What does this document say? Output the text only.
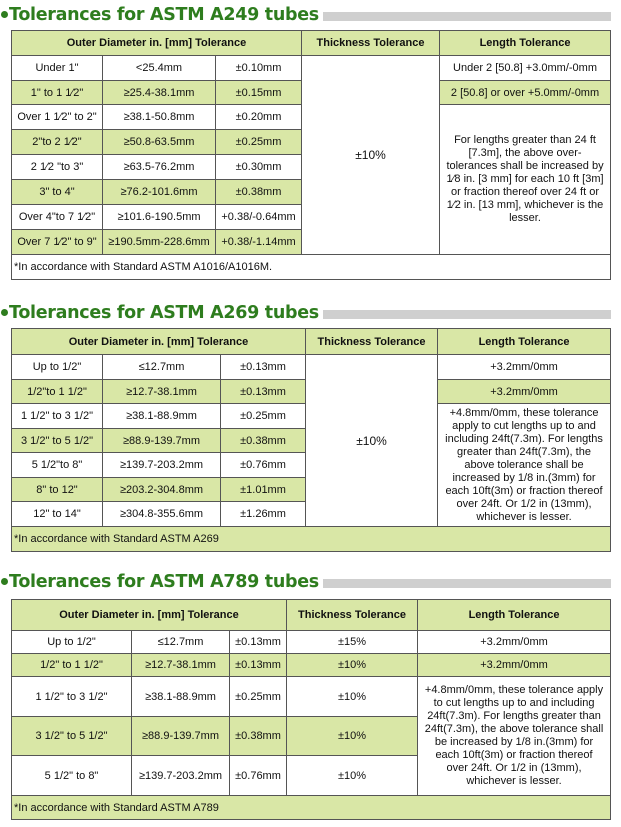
Tolerances for ASTM A249 tubes
Outer Diameter in. [mm] Tolerance			Thickness Tolerance	Length Tolerance
Under 1"	<25.4mm	±0.10mm	±10%	Under 2 [50.8] +3.0mm/-0mm
1" to 1 1⁄2"	≥25.4-38.1mm	±0.15mm		2 [50.8] or over +5.0mm/-0mm
Over 1 1⁄2" to 2"	≥38.1-50.8mm	±0.20mm		For lengths greater than 24 ft [7.3m], the above over-tolerances shall be increased by 1⁄8 in. [3 mm] for each 10 ft [3m] or fraction thereof over 24 ft or 1⁄2 in. [13 mm], whichever is the lesser.
2"to 2 1⁄2"	≥50.8-63.5mm	±0.25mm		
2 1⁄2 "to 3"	≥63.5-76.2mm	±0.30mm		
3" to 4"	≥76.2-101.6mm	±0.38mm		
Over 4"to 7 1⁄2"	≥101.6-190.5mm	+0.38/-0.64mm		
Over 7 1⁄2" to 9"	≥190.5mm-228.6mm	+0.38/-1.14mm		
*In accordance with Standard ASTM A1016/A1016M.				
Tolerances for ASTM A269 tubes
Outer Diameter in. [mm] Tolerance			Thickness Tolerance	Length Tolerance
Up to 1/2"	≤12.7mm	±0.13mm	±10%	+3.2mm/0mm
1/2"to 1 1/2"	≥12.7-38.1mm	±0.13mm		+3.2mm/0mm
1 1/2" to 3 1/2"	≥38.1-88.9mm	±0.25mm		+4.8mm/0mm, these tolerance apply to cut lengths up to and including 24ft(7.3m). For lengths greater than 24ft(7.3m), the above tolerance shall be increased by 1/8 in.(3mm) for each 10ft(3m) or fraction thereof over 24ft. Or 1/2 in (13mm), whichever is lesser.
3 1/2" to 5 1/2"	≥88.9-139.7mm	±0.38mm		
5 1/2"to 8"	≥139.7-203.2mm	±0.76mm		
8" to 12"	≥203.2-304.8mm	±1.01mm		
12" to 14"	≥304.8-355.6mm	±1.26mm		
*In accordance with Standard ASTM A269				
Tolerances for ASTM A789 tubes
Outer Diameter in. [mm] Tolerance			Thickness Tolerance	Length Tolerance
Up to 1/2"	≤12.7mm	±0.13mm	±15%	+3.2mm/0mm
1/2" to 1 1/2"	≥12.7-38.1mm	±0.13mm	±10%	+3.2mm/0mm
1 1/2" to 3 1/2"	≥38.1-88.9mm	±0.25mm	±10%	+4.8mm/0mm, these tolerance apply to cut lengths up to and including 24ft(7.3m). For lengths greater than 24ft(7.3m), the above tolerance shall be increased by 1/8 in.(3mm) for each 10ft(3m) or fraction thereof over 24ft. Or 1/2 in (13mm), whichever is lesser.
3 1/2" to 5 1/2"	≥88.9-139.7mm	±0.38mm	±10%	
5 1/2" to 8"	≥139.7-203.2mm	±0.76mm	±10%	
*In accordance with Standard ASTM A789				
